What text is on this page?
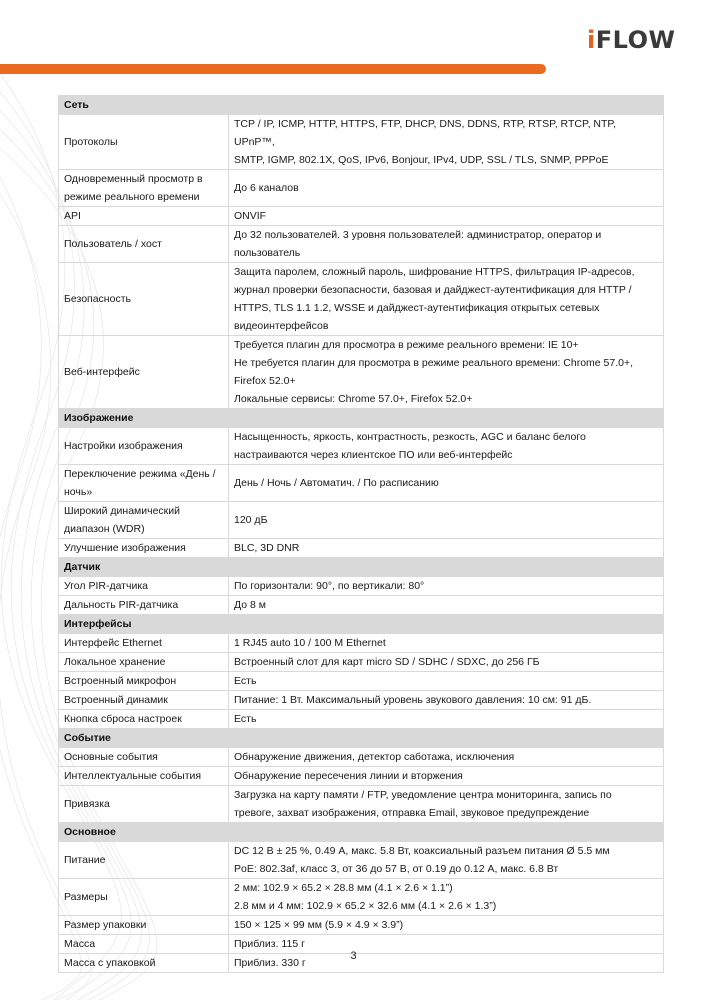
iFLOW
Сеть	
Протоколы	TCP / IP, ICMP, HTTP, HTTPS, FTP, DHCP, DNS, DDNS, RTP, RTSP, RTCP, NTP, UPnP™,
SMTP, IGMP, 802.1X, QoS, IPv6, Bonjour, IPv4, UDP, SSL / TLS, SNMP, PPPoE

Одновременный просмотр в режиме реального времени	До 6 каналов

API	ONVIF

Пользователь / хост	До 32 пользователей. 3 уровня пользователей: администратор, оператор и
пользователь

Безопасность	Защита паролем, сложный пароль, шифрование HTTPS, фильтрация IP-адресов,
журнал проверки безопасности, базовая и дайджест-аутентификация для HTTP /
HTTPS, TLS 1.1 1.2, WSSE и дайджест-аутентификация открытых сетевых
видеоинтерфейсов

Веб-интерфейс	Требуется плагин для просмотра в режиме реального времени: IE 10+
Не требуется плагин для просмотра в режиме реального времени: Chrome 57.0+,
Firefox 52.0+
Локальные сервисы: Chrome 57.0+, Firefox 52.0+

Изображение	
Настройки изображения	Насыщенность, яркость, контрастность, резкость, AGC и баланс белого
настраиваются через клиентское ПО или веб-интерфейс

Переключение режима «День / ночь»	День / Ночь / Автоматич. / По расписанию

Широкий динамический диапазон (WDR)	120 дБ

Улучшение изображения	BLC, 3D DNR

Датчик	
Угол PIR-датчика	По горизонтали: 90°, по вертикали: 80°

Дальность PIR-датчика	До 8 м

Интерфейсы	
Интерфейс Ethernet	1 RJ45 auto 10 / 100 M Ethernet

Локальное хранение	Встроенный слот для карт micro SD / SDHC / SDXC, до 256 ГБ

Встроенный микрофон	Есть

Встроенный динамик	Питание: 1 Вт. Максимальный уровень звукового давления: 10 см: 91 дБ.

Кнопка сброса настроек	Есть

Событие	
Основные события	Обнаружение движения, детектор саботажа, исключения

Интеллектуальные события	Обнаружение пересечения линии и вторжения

Привязка	Загрузка на карту памяти / FTP, уведомление центра мониторинга, запись по
тревоге, захват изображения, отправка Email, звуковое предупреждение

Основное	
Питание	DC 12 В ± 25 %, 0.49 A, макс. 5.8 Вт, коаксиальный разъем питания Ø 5.5 мм
PoE: 802.3af, класс 3, от 36 до 57 В, от 0.19 до 0.12 А, макс. 6.8 Вт

Размеры	2 мм: 102.9 × 65.2 × 28.8 мм (4.1 × 2.6 × 1.1”)
2.8 мм и 4 мм: 102.9 × 65.2 × 32.6 мм (4.1 × 2.6 × 1.3”)

Размер упаковки	150 × 125 × 99 мм (5.9 × 4.9 × 3.9”)

Масса	Приблиз. 115 г

Масса с упаковкой	Приблиз. 330 г
3
